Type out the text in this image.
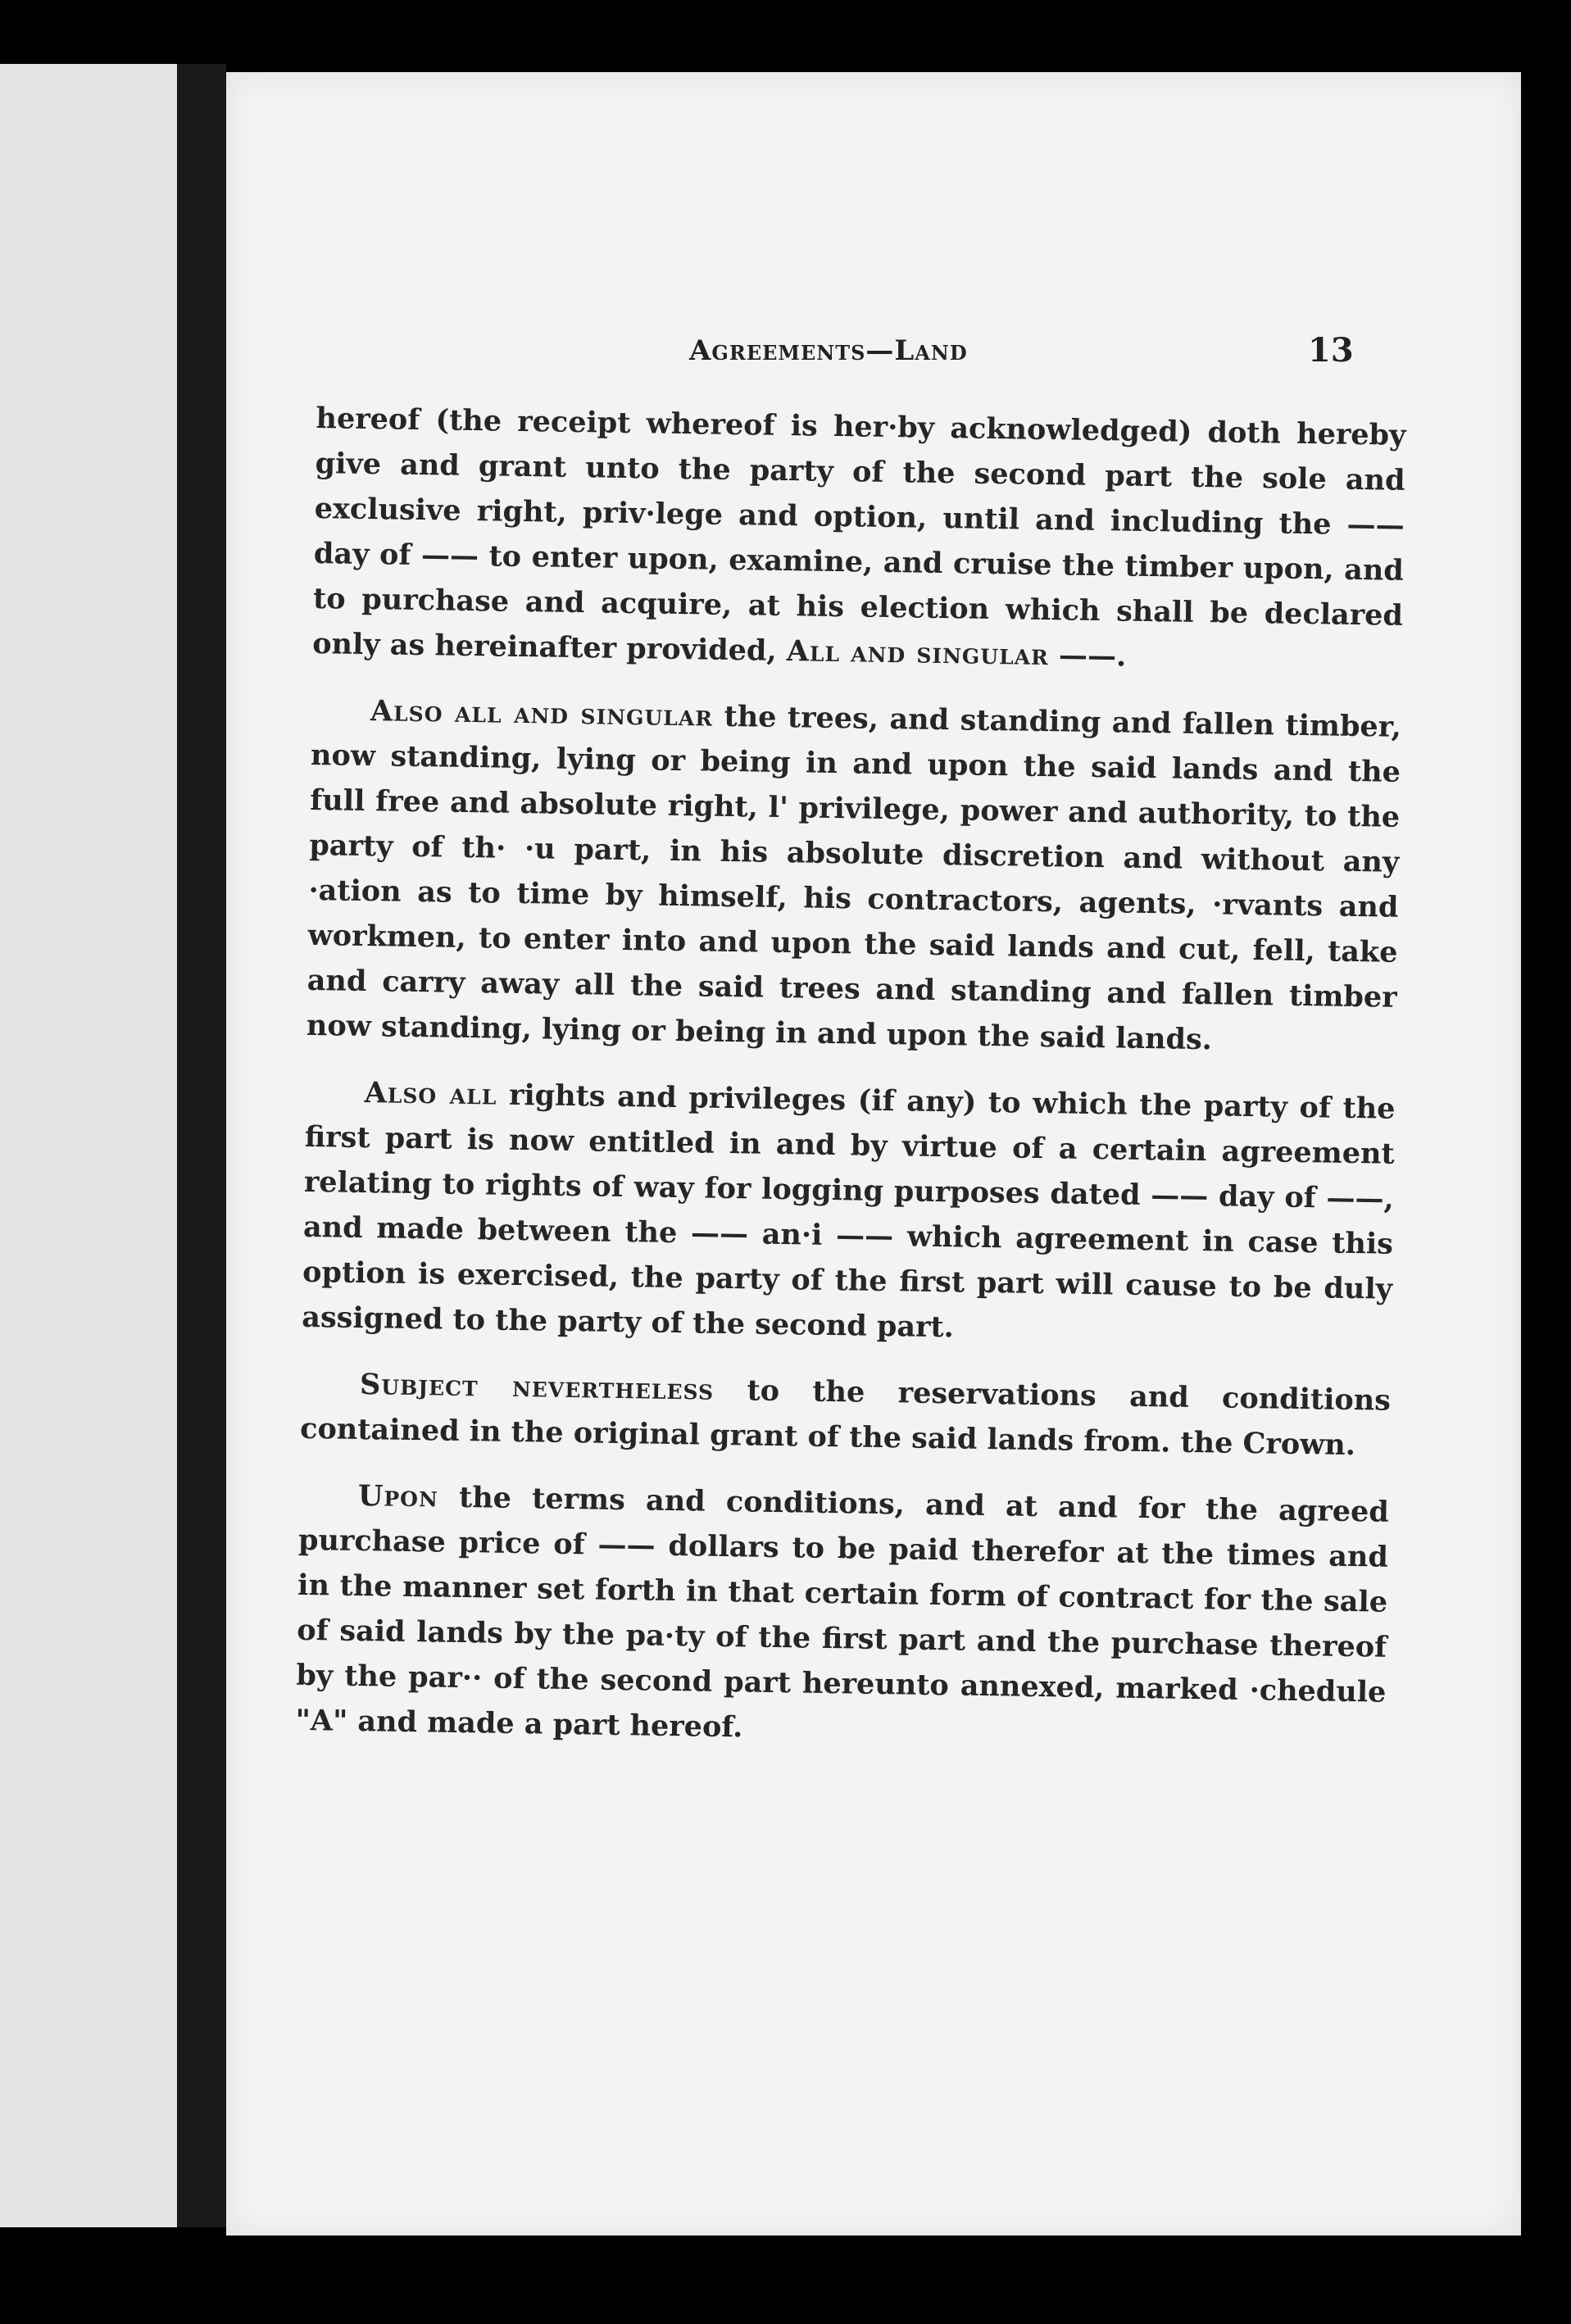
Agreements—Land	13

hereof (the receipt whereof is her·by acknowledged) doth hereby give and grant unto the party of the second part the sole and exclusive right, priv·lege and option, until and including the —— day of —— to enter upon, examine, and cruise the timber upon, and to purchase and acquire, at his election which shall be declared only as hereinafter provided, All and singular ——.

Also all and singular the trees, and standing and fallen timber, now standing, lying or being in and upon the said lands and the full free and absolute right, l' privilege, power and authority, to the party of th· ·u part, in his absolute discretion and without any ·ation as to time by himself, his contractors, agents, ·rvants and workmen, to enter into and upon the said lands and cut, fell, take and carry away all the said trees and standing and fallen timber now standing, lying or being in and upon the said lands.

Also all rights and privileges (if any) to which the party of the first part is now entitled in and by virtue of a certain agreement relating to rights of way for logging purposes dated —— day of ——, and made between the —— an·i —— which agreement in case this option is exercised, the party of the first part will cause to be duly assigned to the party of the second part.

Subject nevertheless to the reservations and conditions contained in the original grant of the said lands from. the Crown.

Upon the terms and conditions, and at and for the agreed purchase price of —— dollars to be paid therefor at the times and in the manner set forth in that certain form of contract for the sale of said lands by the pa·ty of the first part and the purchase thereof by the par·· of the second part hereunto annexed, marked ·chedule "A" and made a part hereof.
